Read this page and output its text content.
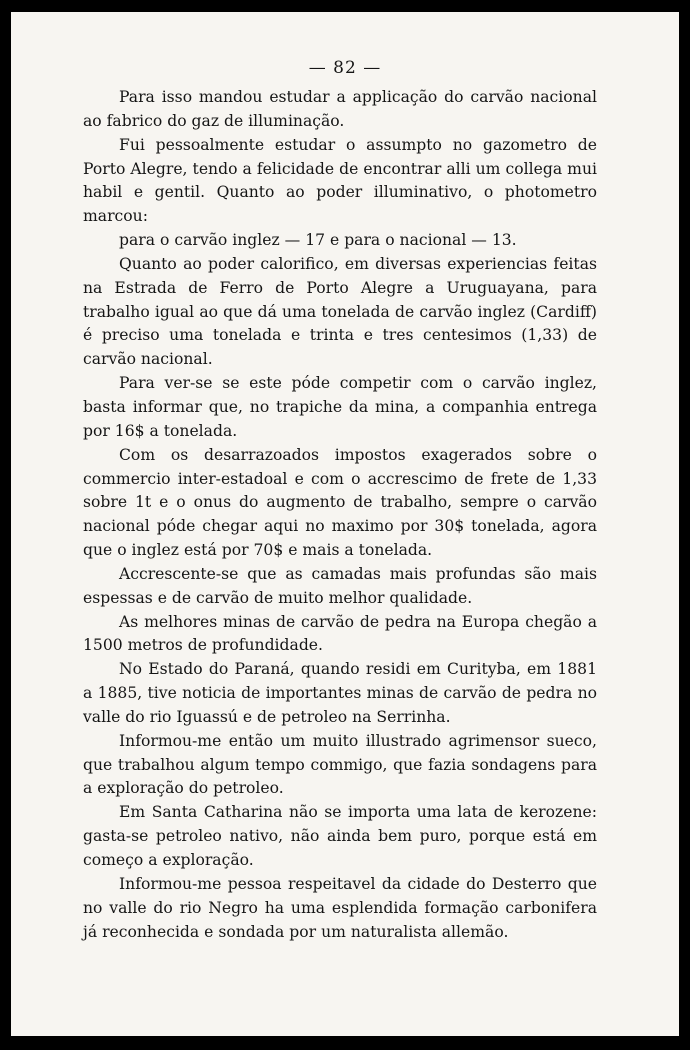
— 82 —

Para isso mandou estudar a applicação do carvão nacional ao fabrico do gaz de illuminação.

Fui pessoalmente estudar o assumpto no gazometro de Porto Alegre, tendo a felicidade de encontrar alli um collega mui habil e gentil. Quanto ao poder illuminativo, o photometro marcou:

para o carvão inglez — 17 e para o nacional — 13.

Quanto ao poder calorifico, em diversas experiencias feitas na Estrada de Ferro de Porto Alegre a Uruguayana, para trabalho igual ao que dá uma tonelada de carvão inglez (Cardiff) é preciso uma tonelada e trinta e tres centesimos (1,33) de carvão nacional.

Para ver-se se este póde competir com o carvão inglez, basta informar que, no trapiche da mina, a companhia entrega por 16$ a tonelada.

Com os desarrazoados impostos exagerados sobre o commercio inter-estadoal e com o accrescimo de frete de 1,33 sobre 1t e o onus do augmento de trabalho, sempre o carvão nacional póde chegar aqui no maximo por 30$ tonelada, agora que o inglez está por 70$ e mais a tonelada.

Accrescente-se que as camadas mais profundas são mais espessas e de carvão de muito melhor qualidade.

As melhores minas de carvão de pedra na Europa chegão a 1500 metros de profundidade.

No Estado do Paraná, quando residi em Curityba, em 1881 a 1885, tive noticia de importantes minas de carvão de pedra no valle do rio Iguassú e de petroleo na Serrinha.

Informou-me então um muito illustrado agrimensor sueco, que trabalhou algum tempo commigo, que fazia sondagens para a exploração do petroleo.

Em Santa Catharina não se importa uma lata de kerozene: gasta-se petroleo nativo, não ainda bem puro, porque está em começo a exploração.

Informou-me pessoa respeitavel da cidade do Desterro que no valle do rio Negro ha uma esplendida formação carbonifera já reconhecida e sondada por um naturalista allemão.
